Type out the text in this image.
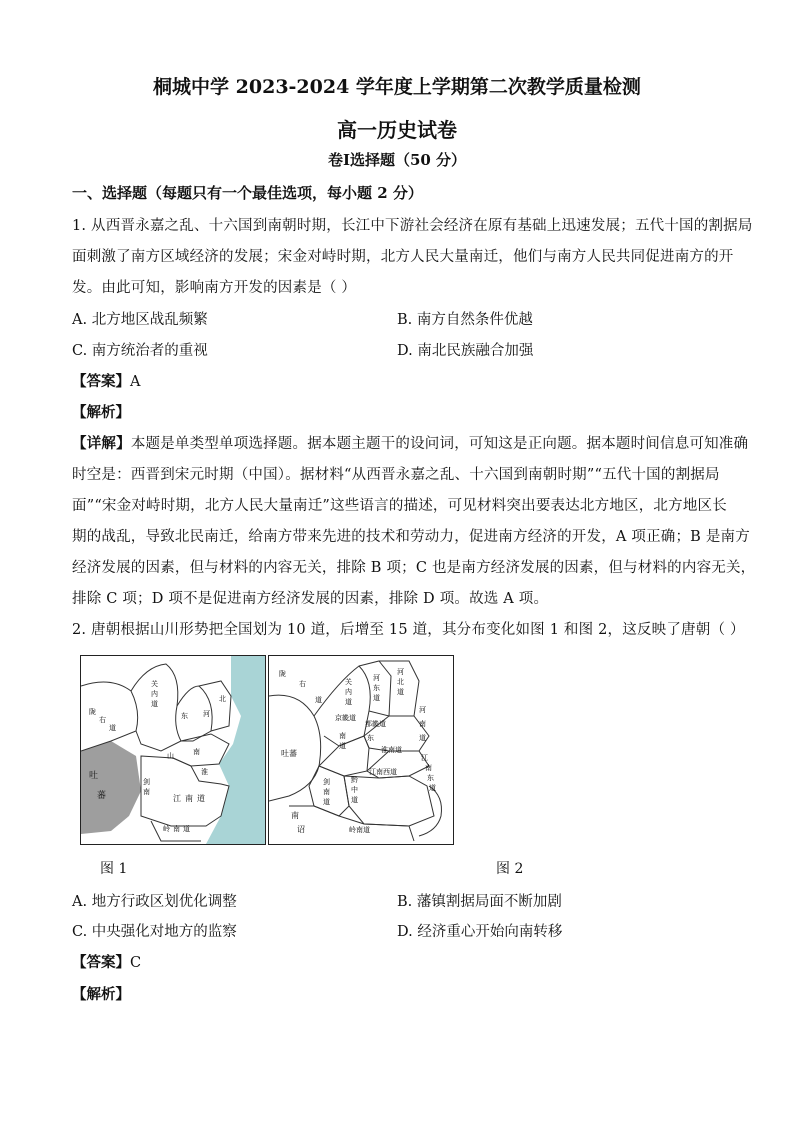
桐城中学 2023-2024 学年度上学期第二次教学质量检测
高一历史试卷
卷Ⅰ选择题（50 分）
一、选择题（每题只有一个最佳选项，每小题 2 分）
1. 从西晋永嘉之乱、十六国到南朝时期，长江中下游社会经济在原有基础上迅速发展；五代十国的割据局
面刺激了南方区域经济的发展；宋金对峙时期，北方人民大量南迁，他们与南方人民共同促进南方的开
发。由此可知，影响南方开发的因素是（ ）
A. 北方地区战乱频繁	B. 南方自然条件优越
C. 南方统治者的重视	D. 南北民族融合加强
【答案】A
【解析】
【详解】本题是单类型单项选择题。据本题主题干的设问词，可知这是正向题。据本题时间信息可知准确
时空是：西晋到宋元时期（中国）。据材料“从西晋永嘉之乱、十六国到南朝时期”“五代十国的割据局
面”“宋金对峙时期，北方人民大量南迁”这些语言的描述，可见材料突出要表达北方地区，北方地区长
期的战乱，导致北民南迁，给南方带来先进的技术和劳动力，促进南方经济的开发，A 项正确；B 是南方
经济发展的因素，但与材料的内容无关，排除 B 项；C 也是南方经济发展的因素，但与材料的内容无关，
排除 C 项；D 项不是促进南方经济发展的因素，排除 D 项。故选 A 项。
2. 唐朝根据山川形势把全国划为 10 道，后增至 15 道，其分布变化如图 1 和图 2，这反映了唐朝（ ）
关
内
道
陇
右
道
河
北
东
南
山
淮
剑
南
江 南 道
岭 南 道
吐
蕃
陇
右
道
吐蕃
关
内
道
河
东
道
河
北
道
京畿道
都畿道
河
南
道
南
道
东
淮南道
剑
南
道
黔
中
道
江南西道
江
南
东
道
南
诏	岭南道
图 1	图 2
A. 地方行政区划优化调整	B. 藩镇割据局面不断加剧
C. 中央强化对地方的监察	D. 经济重心开始向南转移
【答案】C
【解析】
